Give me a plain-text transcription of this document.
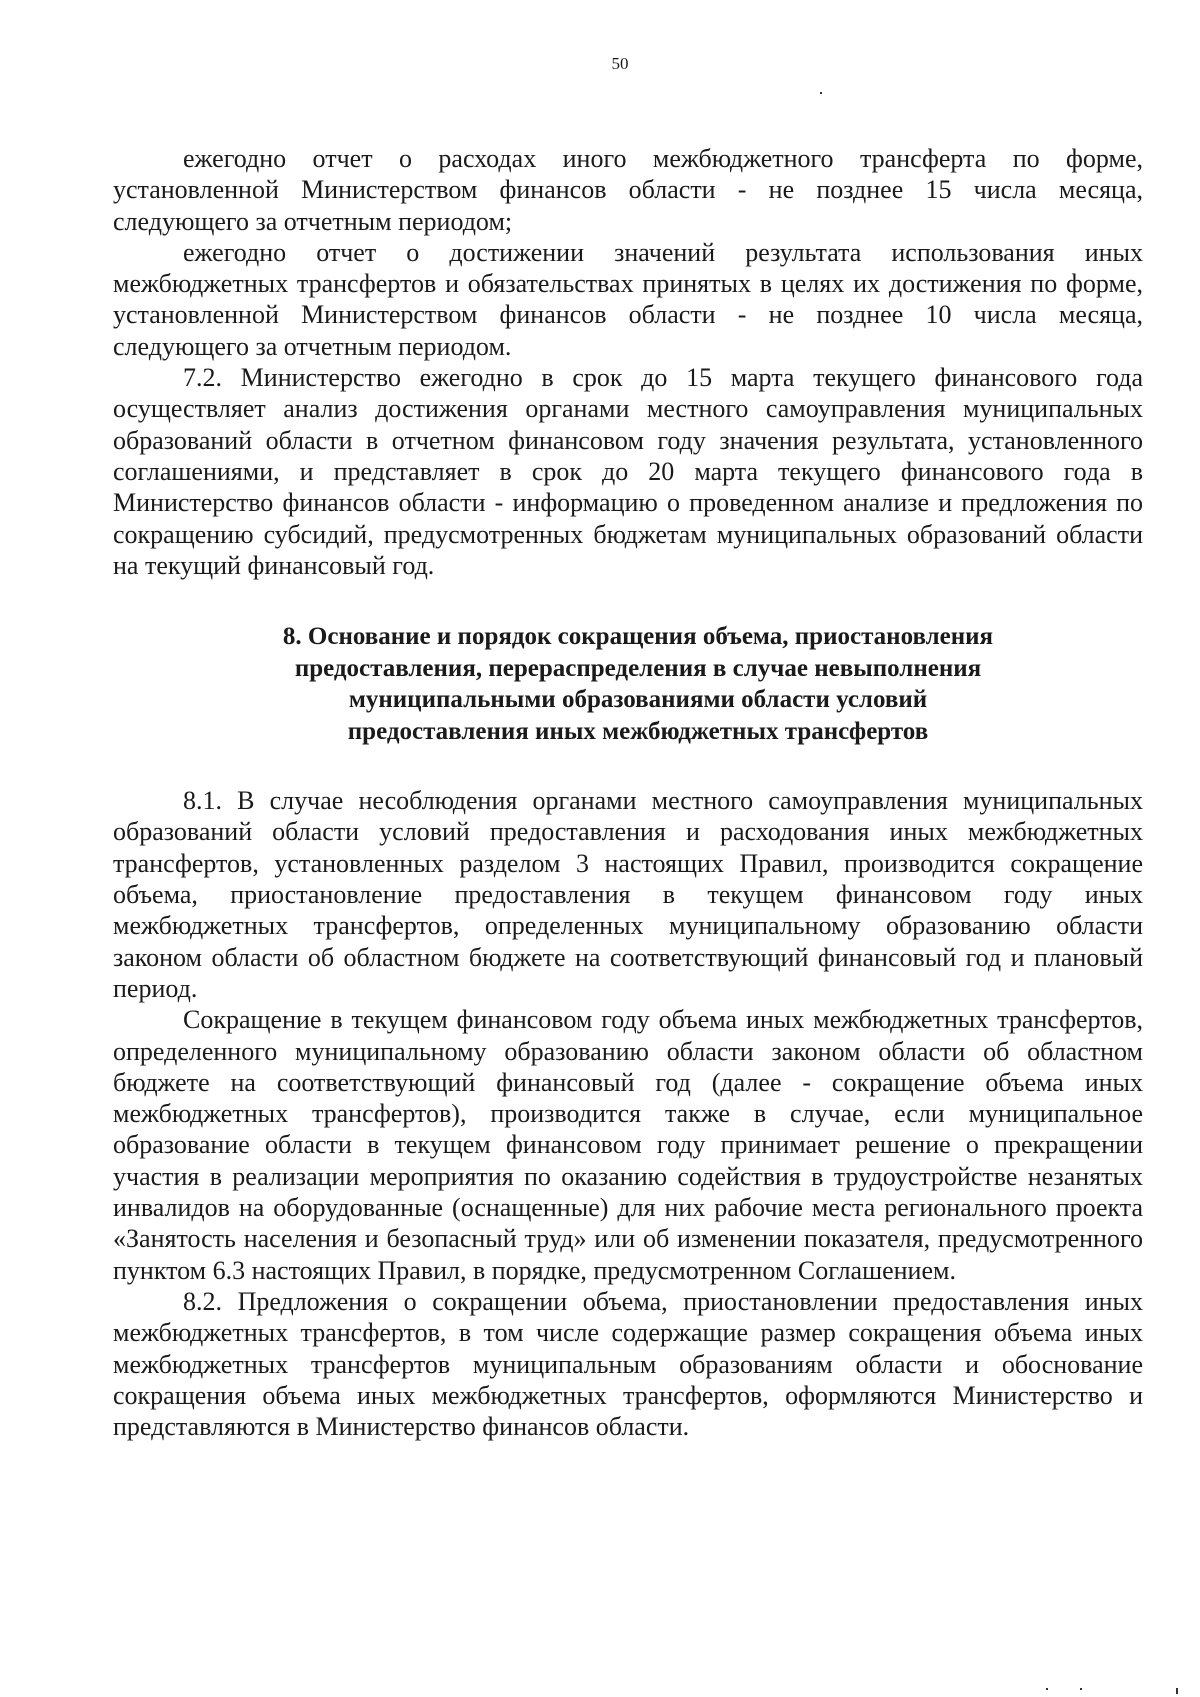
50

ежегодно отчет о расходах иного межбюджетного трансферта по форме, установленной Министерством финансов области - не позднее 15 числа месяца, следующего за отчетным периодом;

ежегодно отчет о достижении значений результата использования иных межбюджетных трансфертов и обязательствах принятых в целях их достижения по форме, установленной Министерством финансов области - не позднее 10 числа месяца, следующего за отчетным периодом.

7.2. Министерство ежегодно в срок до 15 марта текущего финансового года осуществляет анализ достижения органами местного самоуправления муниципальных образований области в отчетном финансовом году значения результата, установленного соглашениями, и представляет в срок до 20 марта текущего финансового года в Министерство финансов области - информацию о проведенном анализе и предложения по сокращению субсидий, предусмотренных бюджетам муниципальных образований области на текущий финансовый год.

8. Основание и порядок сокращения объема, приостановления
предоставления, перераспределения в случае невыполнения
муниципальными образованиями области условий
предоставления иных межбюджетных трансфертов

8.1. В случае несоблюдения органами местного самоуправления муниципальных образований области условий предоставления и расходования иных межбюджетных трансфертов, установленных разделом 3 настоящих Правил, производится сокращение объема, приостановление предоставления в текущем финансовом году иных межбюджетных трансфертов, определенных муниципальному образованию области законом области об областном бюджете на соответствующий финансовый год и плановый период.

Сокращение в текущем финансовом году объема иных межбюджетных трансфертов, определенного муниципальному образованию области законом области об областном бюджете на соответствующий финансовый год (далее - сокращение объема иных межбюджетных трансфертов), производится также в случае, если муниципальное образование области в текущем финансовом году принимает решение о прекращении участия в реализации мероприятия по оказанию содействия в трудоустройстве незанятых инвалидов на оборудованные (оснащенные) для них рабочие места регионального проекта «Занятость населения и безопасный труд» или об изменении показателя, предусмотренного пунктом 6.3 настоящих Правил, в порядке, предусмотренном Соглашением.

8.2. Предложения о сокращении объема, приостановлении предоставления иных межбюджетных трансфертов, в том числе содержащие размер сокращения объема иных межбюджетных трансфертов муниципальным образованиям области и обоснование сокращения объема иных межбюджетных трансфертов, оформляются Министерство и представляются в Министерство финансов области.
